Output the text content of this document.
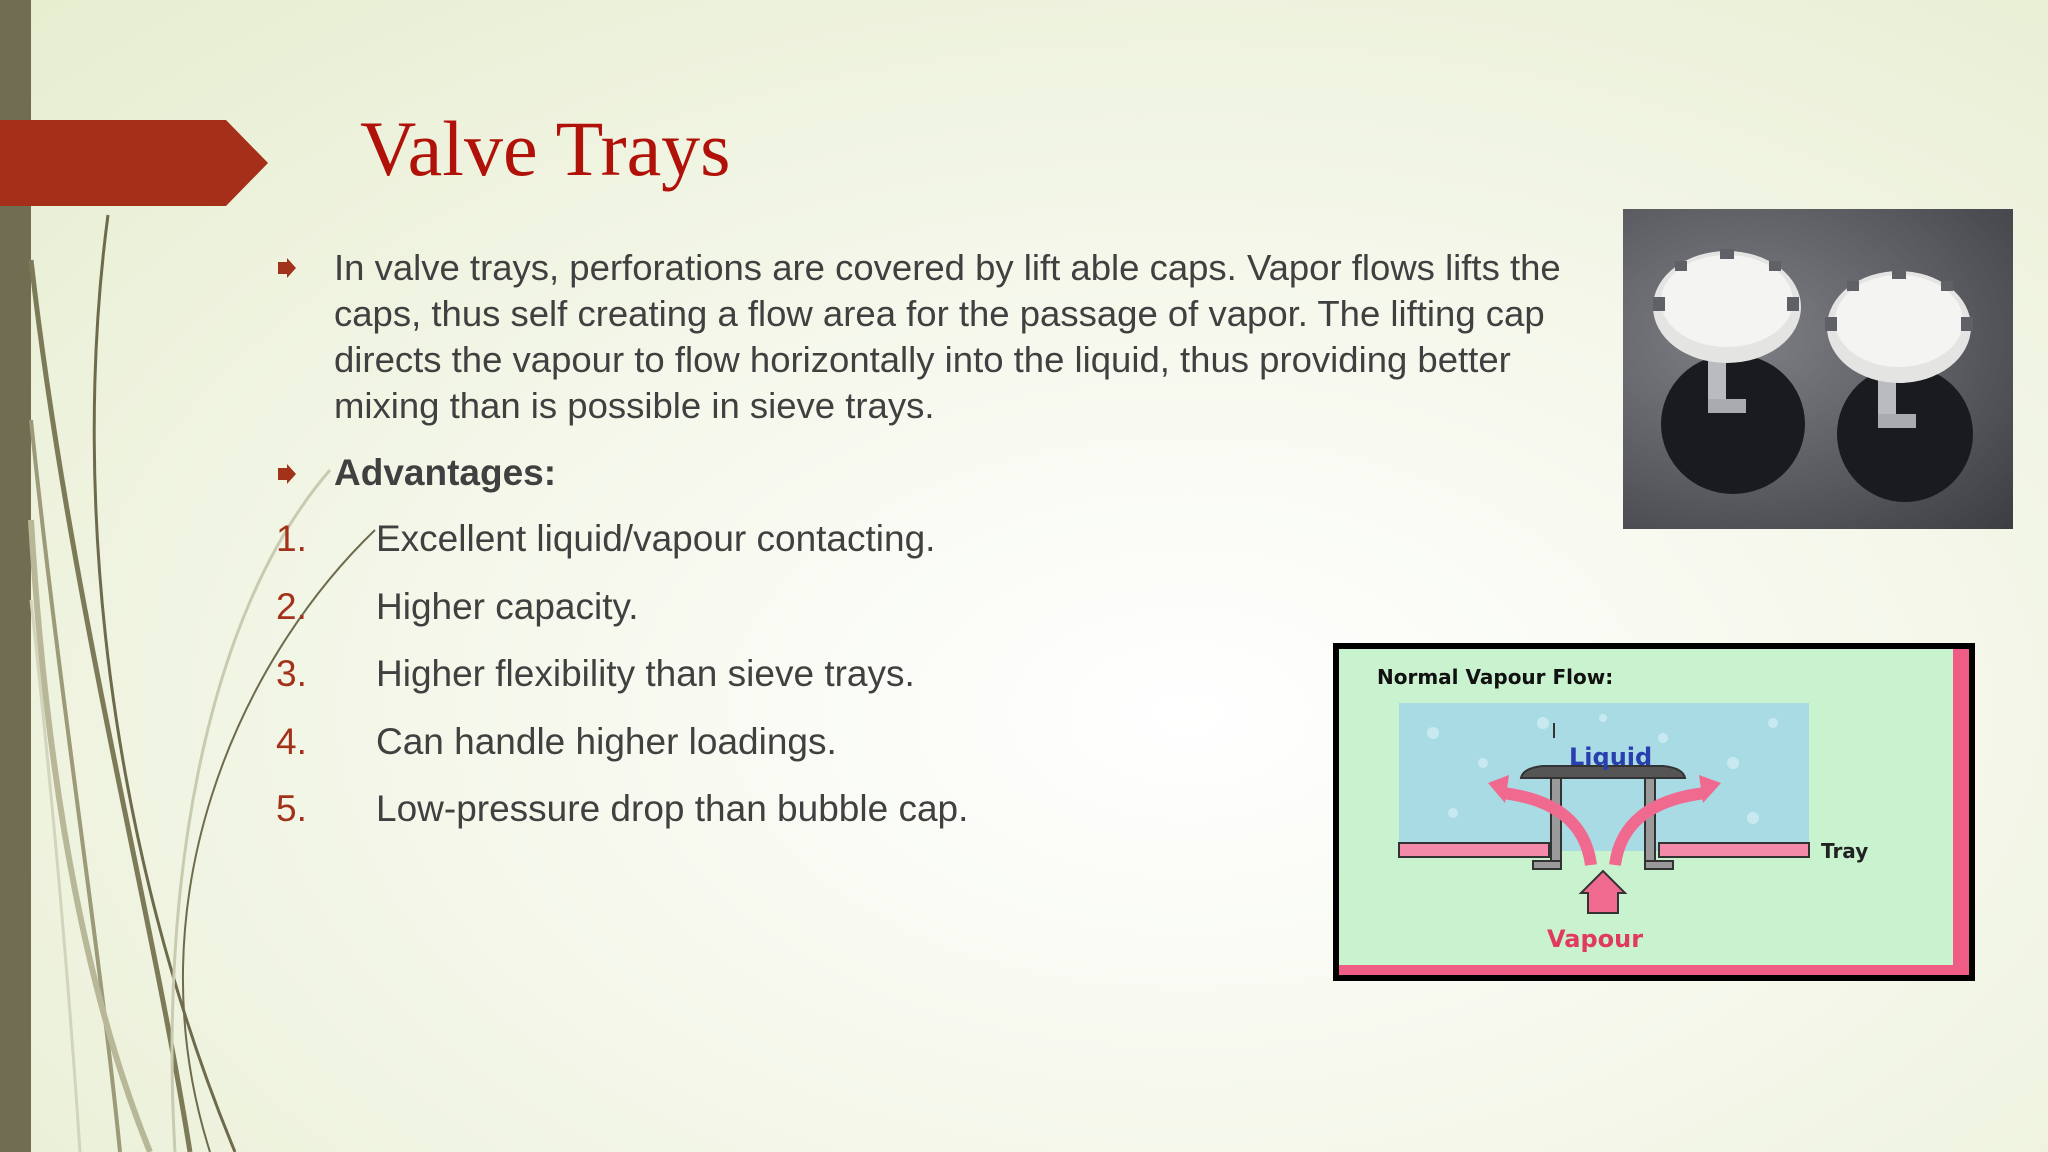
Valve Trays
In valve trays, perforations are covered by lift able caps. Vapor flows lifts the caps, thus self creating a flow area for the passage of vapor. The lifting cap directs the vapour to flow horizontally into the liquid, thus providing better mixing than is possible in sieve trays.
Advantages:
1. Excellent liquid/vapour contacting.
2. Higher capacity.
3. Higher flexibility than sieve trays.
4. Can handle higher loadings.
5. Low-pressure drop than bubble cap.
Normal Vapour Flow:
Liquid
Tray
Vapour
